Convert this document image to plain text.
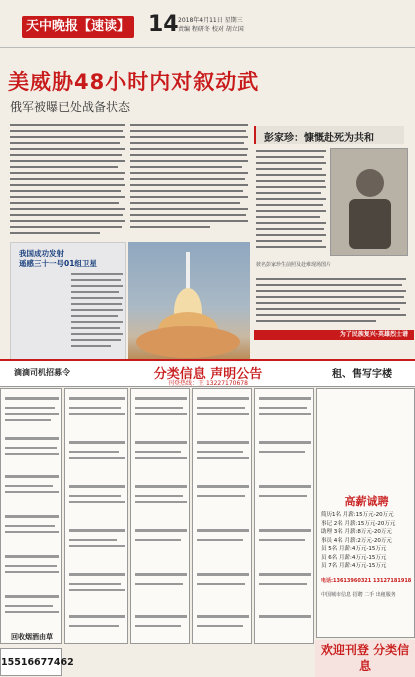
天中晚报【速读】 14 2018年4月11日 星期三
责编 程研冬 校对 胡立国
美威胁48小时内对叙动武
俄军被曝已处战备状态
彭家珍：慷慨赴死为共和
彼名彭家珍生前照及赴难现场图片
为了民族复兴·英雄烈士谱
我国成功发射
遥感三十一号01组卫星
分类信息 声明公告
刊登热线：王 13227170678
滴滴司机招募令	租、售写字楼
高薪诚聘
简历1名 月薪:15万元-20万元
事记 2名 月薪:15万元-20万元
助理 3名 月薪:8万元-20万元
事员 4名 月薪:2万元-20万元
员 5名 月薪:4万元-15万元
员 6名 月薪:4万元-15万元
员 7名 月薪:4万元-15万元
电话:13613960321 13127181918
中国城市信息 招聘 二手 出租服务
回收烟酒由草
15516677462
欢迎刊登 分类信息
